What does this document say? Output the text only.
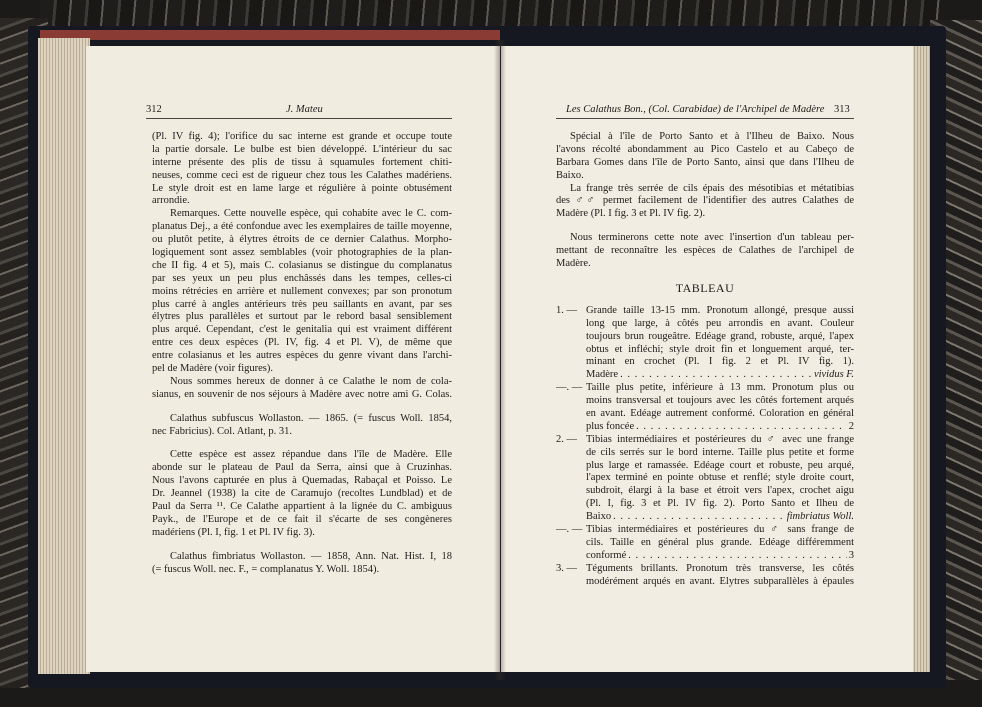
312	J. Mateu
(Pl. IV fig. 4); l'orifice du sac interne est grande et occupe toute
la partie dorsale. Le bulbe est bien développé. L'intérieur du sac
interne présente des plis de tissu à squamules fortement chiti-
neuses, comme ceci est de rigueur chez tous les Calathes madériens.
Le style droit est en lame large et régulière à pointe obtusément
arrondie.
Remarques. Cette nouvelle espèce, qui cohabite avec le C. com-
planatus Dej., a été confondue avec les exemplaires de taille moyenne,
ou plutôt petite, à élytres étroits de ce dernier Calathus. Morpho-
logiquement sont assez semblables (voir photographies de la plan-
che II fig. 4 et 5), mais C. colasianus se distingue du complanatus
par ses yeux un peu plus enchâssés dans les tempes, celles-ci
moins rétrécies en arrière et nullement convexes; par son pronotum
plus carré à angles antérieurs très peu saillants en avant, par ses
élytres plus parallèles et surtout par le rebord basal sensiblement
plus arqué. Cependant, c'est le genitalia qui est vraiment différent
entre ces deux espèces (Pl. IV, fig. 4 et Pl. V), de même que
entre colasianus et les autres espèces du genre vivant dans l'archi-
pel de Madère (voir figures).
Nous sommes hereux de donner à ce Calathe le nom de cola-
sianus, en souvenir de nos séjours à Madère avec notre ami G. Colas.
Calathus subfuscus Wollaston. — 1865. (= fuscus Woll. 1854,
nec Fabricius). Col. Atlant, p. 31.
Cette espèce est assez répandue dans l'île de Madère. Elle
abonde sur le plateau de Paul da Serra, ainsi que à Cruzinhas.
Nous l'avons capturée en plus à Quemadas, Rabaçal et Poisso. Le
Dr. Jeannel (1938) la cite de Caramujo (recoltes Lundblad) et de
Paul da Serra ¹¹. Ce Calathe appartient à la lignée du C. ambiguus
Payk., de l'Europe et de ce fait il s'écarte de ses congèneres
madériens (Pl. I, fig. 1 et Pl. IV fig. 3).
Calathus fimbriatus Wollaston. — 1858, Ann. Nat. Hist. I, 18
(= fuscus Woll. nec. F., = complanatus Y. Woll. 1854).
Les Calathus Bon., (Col. Carabidae) de l'Archipel de Madère 313
Spécial à l'île de Porto Santo et à l'Ilheu de Baixo. Nous
l'avons récolté abondamment au Pico Castelo et au Cabeço de
Barbara Gomes dans l'île de Porto Santo, ainsi que dans l'Ilheu de
Baixo.
La frange très serrée de cils épais des mésotibias et métatibias
des ♂♂ permet facilement de l'identifier des autres Calathes de
Madère (Pl. I fig. 3 et Pl. IV fig. 2).
Nous terminerons cette note avec l'insertion d'un tableau per-
mettant de reconnaître les espèces de Calathes de l'archipel de
Madère.
TABLEAU
1. — Grande taille 13-15 mm. Pronotum allongé, presque aussi
long que large, à côtés peu arrondis en avant. Couleur
toujours brun rougeâtre. Edéage grand, robuste, arqué, l'apex
obtus et infléchi; style droit fin et longuement arqué, ter-
minant en crochet (Pl. I fig. 2 et Pl. IV fig. 1).
Madère . . .	vividus F.
—. — Taille plus petite, inférieure à 13 mm. Pronotum plus ou
moins transversal et toujours avec les côtés fortement arqués
en avant. Edéage autrement conformé. Coloration en général
plus foncée . . .	2
2. — Tibias intermédiaires et postérieures du ♂ avec une frange
de cils serrés sur le bord interne. Taille plus petite et forme
plus large et ramassée. Edéage court et robuste, peu arqué,
l'apex terminé en pointe obtuse et renflé; style droite court,
subdroit, élargi à la base et étroit vers l'apex, crochet aigu
(Pl. I, fig. 3 et Pl. IV fig. 2). Porto Santo et Ilheu de
Baixo . . .	fimbriatus Woll.
—. — Tibias intermédiaires et postérieures du ♂ sans frange de
cils. Taille en général plus grande. Edéage différemment
conformé . . .	3
3. — Téguments brillants. Pronotum très transverse, les côtés
modérément arqués en avant. Elytres subparallèles à épaules
